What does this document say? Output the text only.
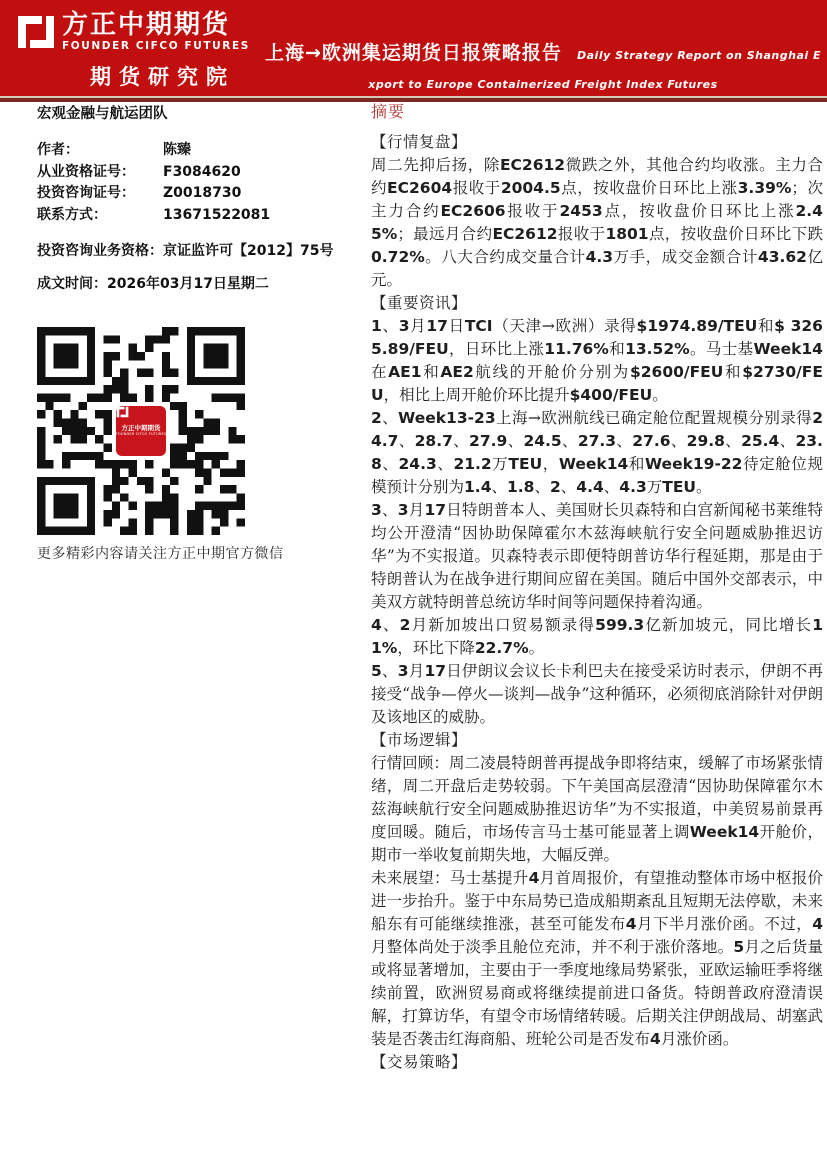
方正中期期货
FOUNDER CIFCO FUTURES
期货研究院
上海→欧洲集运期货日报策略报告 Daily Strategy Report on Shanghai Export to Europe Containerized Freight Index Futures
宏观金融与航运团队
作者：	陈臻
从业资格证号： F3084620
投资咨询证号： Z0018730
联系方式：	13671522081
投资咨询业务资格：京证监许可【2012】75号
成文时间：2026年03月17日星期二
方正中期期货
FOUNDER CIFCO FUTURES
更多精彩内容请关注方正中期官方微信
摘要
【行情复盘】
周二先抑后扬，除EC2612微跌之外，其他合约均收涨。主力合约EC2604报收于2004.5点，按收盘价日环比上涨3.39%；次主力合约EC2606报收于2453点，按收盘价日环比上涨2.45%；最远月合约EC2612报收于1801点，按收盘价日环比下跌0.72%。八大合约成交量合计4.3万手，成交金额合计43.62亿元。
【重要资讯】
1、3月17日TCI（天津→欧洲）录得$1974.89/TEU和$ 3265.89/FEU，日环比上涨11.76%和13.52%。马士基Week14在AE1和AE2航线的开舱价分别为$2600/FEU和$2730/FEU，相比上周开舱价环比提升$400/FEU。
2、Week13-23上海→欧洲航线已确定舱位配置规模分别录得24.7、28.7、27.9、24.5、27.3、27.6、29.8、25.4、23.8、24.3、21.2万TEU，Week14和Week19-22待定舱位规模预计分别为1.4、1.8、2、4.4、4.3万TEU。
3、3月17日特朗普本人、美国财长贝森特和白宫新闻秘书莱维特均公开澄清“因协助保障霍尔木兹海峡航行安全问题威胁推迟访华”为不实报道。贝森特表示即便特朗普访华行程延期，那是由于特朗普认为在战争进行期间应留在美国。随后中国外交部表示，中美双方就特朗普总统访华时间等问题保持着沟通。
4、2月新加坡出口贸易额录得599.3亿新加坡元，同比增长11%，环比下降22.7%。
5、3月17日伊朗议会议长卡利巴夫在接受采访时表示，伊朗不再接受“战争—停火—谈判—战争”这种循环，必须彻底消除针对伊朗及该地区的威胁。
【市场逻辑】
行情回顾：周二凌晨特朗普再提战争即将结束，缓解了市场紧张情绪，周二开盘后走势较弱。下午美国高层澄清“因协助保障霍尔木兹海峡航行安全问题威胁推迟访华”为不实报道，中美贸易前景再度回暖。随后，市场传言马士基可能显著上调Week14开舱价，期市一举收复前期失地，大幅反弹。
未来展望：马士基提升4月首周报价，有望推动整体市场中枢报价进一步抬升。鉴于中东局势已造成船期紊乱且短期无法停歇，未来船东有可能继续推涨，甚至可能发布4月下半月涨价函。不过，4月整体尚处于淡季且舱位充沛，并不利于涨价落地。5月之后货量或将显著增加，主要由于一季度地缘局势紧张，亚欧运输旺季将继续前置，欧洲贸易商或将继续提前进口备货。特朗普政府澄清误解，打算访华，有望令市场情绪转暖。后期关注伊朗战局、胡塞武装是否袭击红海商船、班轮公司是否发布4月涨价函。
【交易策略】
